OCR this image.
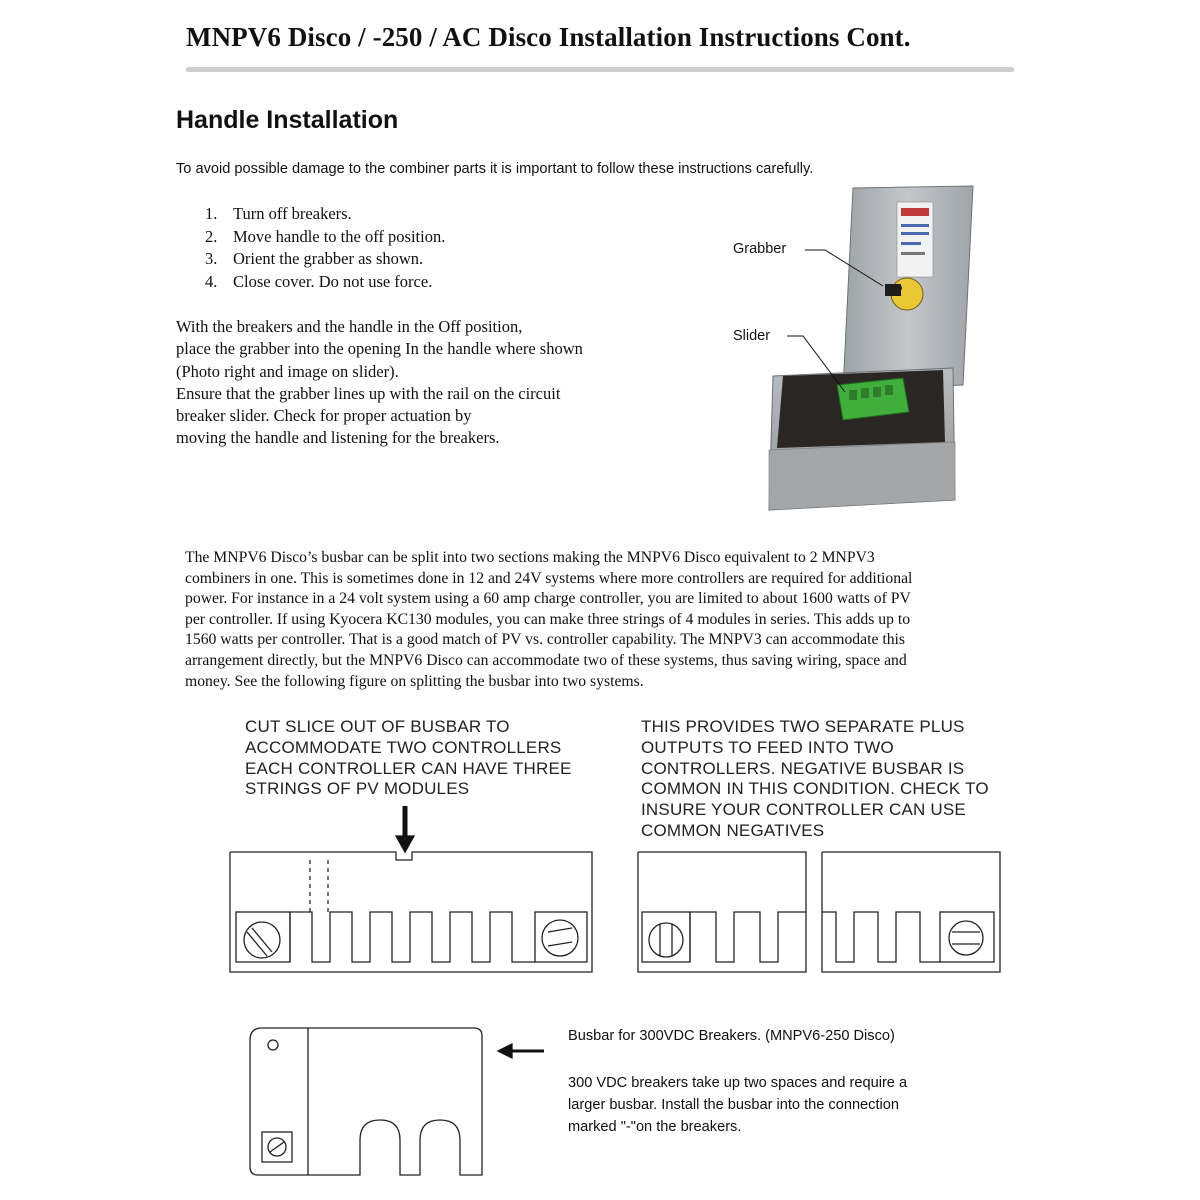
MNPV6 Disco / -250 / AC Disco Installation Instructions Cont.
Handle Installation
To avoid possible damage to the combiner parts it is important to follow these instructions carefully.
1. Turn off breakers.
2. Move handle to the off position.
3. Orient the grabber as shown.
4. Close cover. Do not use force.
With the breakers and the handle in the Off position,
place the grabber into the opening In the handle where shown
(Photo right and image on slider).
Ensure that the grabber lines up with the rail on the circuit
breaker slider. Check for proper actuation by
moving the handle and listening for the breakers.
Grabber
Slider
The MNPV6 Disco’s busbar can be split into two sections making the MNPV6 Disco equivalent to 2 MNPV3
combiners in one. This is sometimes done in 12 and 24V systems where more controllers are required for additional
power. For instance in a 24 volt system using a 60 amp charge controller, you are limited to about 1600 watts of PV
per controller. If using Kyocera KC130 modules, you can make three strings of 4 modules in series. This adds up to
1560 watts per controller. That is a good match of PV vs. controller capability. The MNPV3 can accommodate this
arrangement directly, but the MNPV6 Disco can accommodate two of these systems, thus saving wiring, space and
money. See the following figure on splitting the busbar into two systems.
CUT SLICE OUT OF BUSBAR TO
ACCOMMODATE TWO CONTROLLERS
EACH CONTROLLER CAN HAVE THREE
STRINGS OF PV MODULES
THIS PROVIDES TWO SEPARATE PLUS
OUTPUTS TO FEED INTO TWO
CONTROLLERS. NEGATIVE BUSBAR IS
COMMON IN THIS CONDITION. CHECK TO
INSURE YOUR CONTROLLER CAN USE
COMMON NEGATIVES
Busbar for 300VDC Breakers. (MNPV6-250 Disco)
300 VDC breakers take up two spaces and require a
larger busbar. Install the busbar into the connection
marked "-"on the breakers.
